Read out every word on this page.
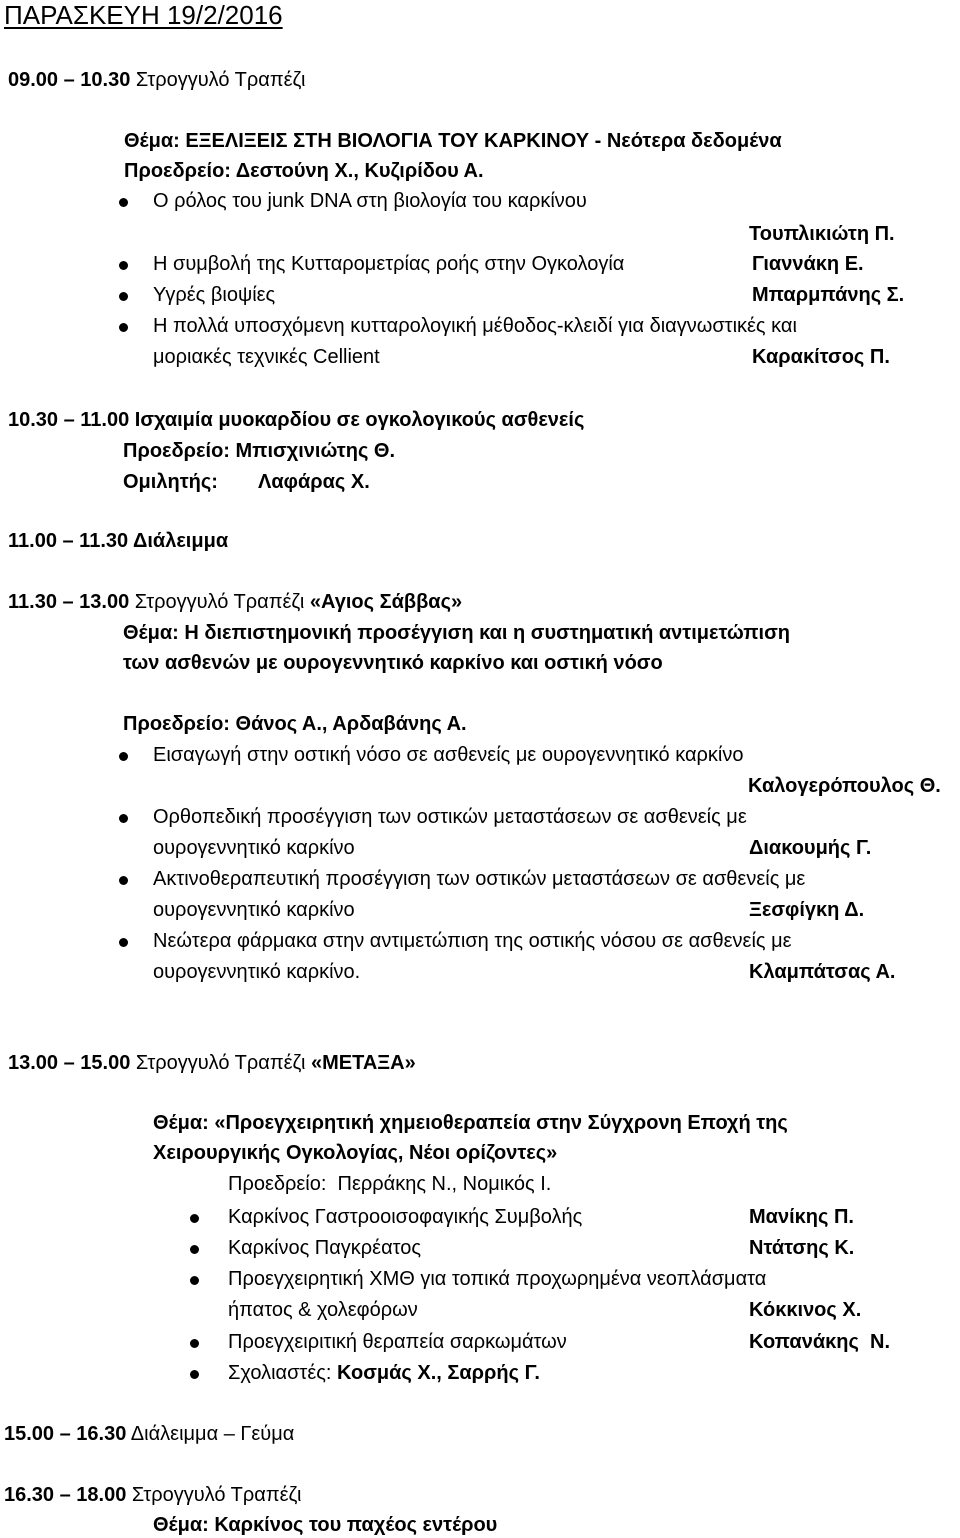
ΠΑΡΑΣΚΕΥΗ 19/2/2016
09.00 – 10.30 Στρογγυλό Τραπέζι
Θέμα: ΕΞΕΛΙΞΕΙΣ ΣΤΗ ΒΙΟΛΟΓΙΑ ΤΟΥ ΚΑΡΚΙΝΟΥ - Νεότερα δεδομένα
Προεδρείο: Δεστούνη Χ., Κυζιρίδου Α.
Ο ρόλος του junk DNA στη βιολογία του καρκίνου
Τουπλικιώτη Π.
Η συμβολή της Κυτταρομετρίας ροής στην Ογκολογία	Γιαννάκη Ε.
Υγρές βιοψίες	Μπαρμπάνης Σ.
Η πολλά υποσχόμενη κυτταρολογική μέθοδος-κλειδί για διαγνωστικές και
μοριακές τεχνικές Cellient	Καρακίτσος Π.
10.30 – 11.00 Ισχαιμία μυοκαρδίου σε ογκολογικούς ασθενείς
Προεδρείο: Μπισχινιώτης Θ.
Ομιλητής: Λαφάρας Χ.
11.00 – 11.30 Διάλειμμα
11.30 – 13.00 Στρογγυλό Τραπέζι «Αγιος Σάββας»
Θέμα: Η διεπιστημονική προσέγγιση και η συστηματική αντιμετώπιση
των ασθενών με ουρογεννητικό καρκίνο και οστική νόσο
Προεδρείο: Θάνος Α., Αρδαβάνης Α.
Εισαγωγή στην οστική νόσο σε ασθενείς με ουρογεννητικό καρκίνο
Καλογερόπουλος Θ.
Ορθοπεδική προσέγγιση των οστικών μεταστάσεων σε ασθενείς με
ουρογεννητικό καρκίνο	Διακουμής Γ.
Ακτινοθεραπευτική προσέγγιση των οστικών μεταστάσεων σε ασθενείς με
ουρογεννητικό καρκίνο	Ξεσφίγκη Δ.
Νεώτερα φάρμακα στην αντιμετώπιση της οστικής νόσου σε ασθενείς με
ουρογεννητικό καρκίνο.	Κλαμπάτσας Α.
13.00 – 15.00 Στρογγυλό Τραπέζι «ΜΕΤΑΞΑ»
Θέμα: «Προεγχειρητική χημειοθεραπεία στην Σύγχρονη Εποχή της
Χειρουργικής Ογκολογίας, Νέοι ορίζοντες»
Προεδρείο:  Περράκης Ν., Νομικός Ι.
Καρκίνος Γαστροοισοφαγικής Συμβολής	Μανίκης Π.
Καρκίνος Παγκρέατος	Ντάτσης Κ.
Προεγχειρητική ΧΜΘ για τοπικά προχωρημένα νεοπλάσματα
ήπατος & χολεφόρων	Κόκκινος Χ.
Προεγχειριτική θεραπεία σαρκωμάτων	Κοπανάκης  Ν.
Σχολιαστές: Κοσμάς Χ., Σαρρής Γ.
15.00 – 16.30 Διάλειμμα – Γεύμα
16.30 – 18.00 Στρογγυλό Τραπέζι
Θέμα: Καρκίνος του παχέος εντέρου
